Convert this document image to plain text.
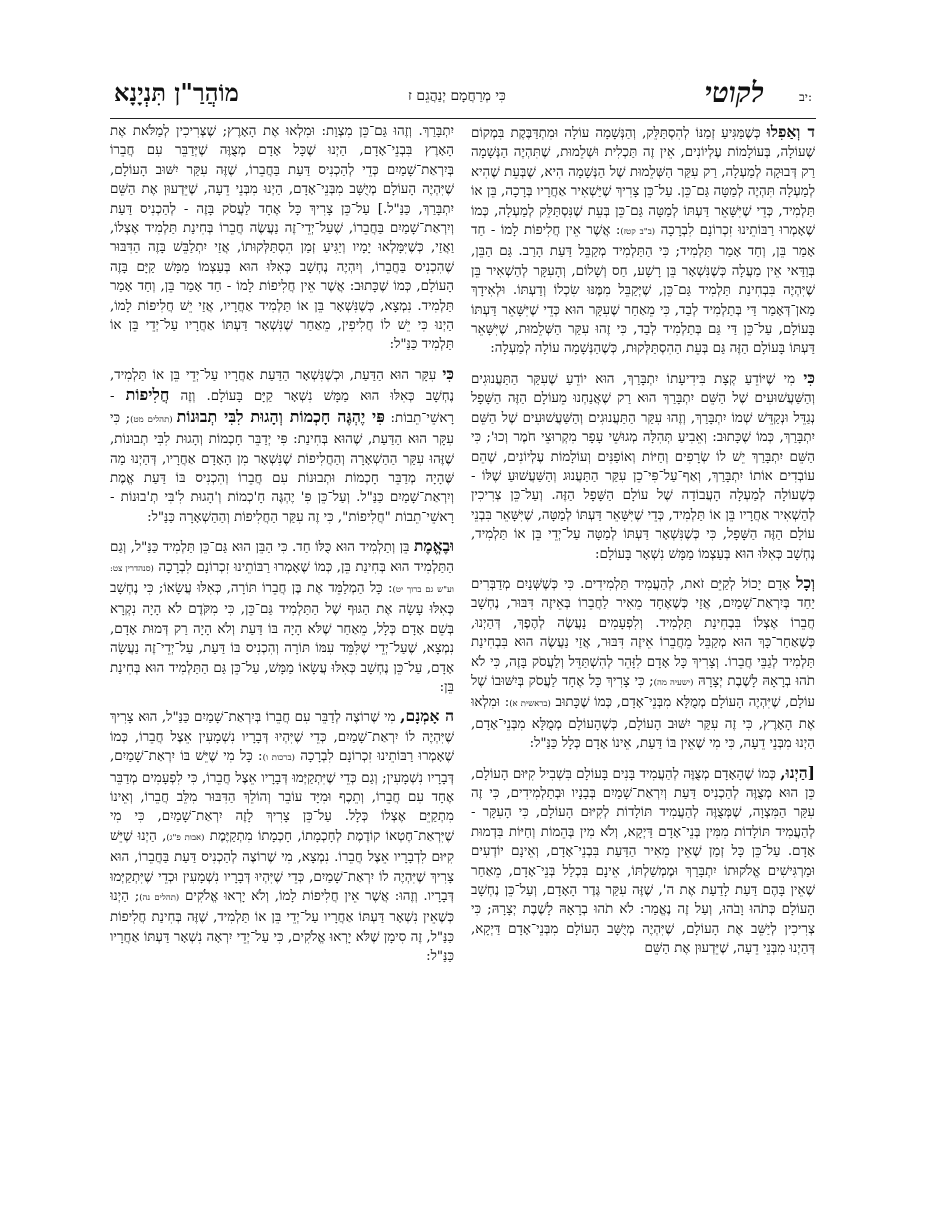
יב:
לקוטי
כִּי מְרַחֲמָם יְנַהֲגֵם ז
מוֹהֲרַ"ן תִּנְיָנָא

ד וְאַפִלוּ כְּשֶׁמַּגִּיעַ זְמַנּוֹ לְהִסְתַּלֵּק, וְהַנְּשָׁמָה עוֹלָה וּמִתְדַּבֶּקֶת בִּמְקוֹם שֶׁעוֹלָה, בְּעוֹלָמוֹת עֶלְיוֹנִים, אֵין זֶה תַּכְלִית וּשְׁלֵמוּת, שֶׁתִּהְיֶה הַנְּשָׁמָה רַק דְּבוּקָה לְמַעְלָה, רַק עִקַּר הַשְּׁלֵמוּת שֶׁל הַנְּשָׁמָה הִיא, שֶׁבְּעֵת שֶׁהִיא לְמַעְלָה תִּהְיֶה לְמַטָּה גַּם־כֵּן. עַל־כֵּן צָרִיךְ שֶׁיַּשְׁאִיר אַחֲרָיו בְּרָכָה, בֵּן אוֹ תַּלְמִיד, כְּדֵי שֶׁיִּשָּׁאֵר דַּעְתּוֹ לְמַטָּה גַּם־כֵּן בְּעֵת שֶׁנִּסְתַּלֵּק לְמַעְלָה, כְּמוֹ שֶׁאָמְרוּ רַבּוֹתֵינוּ זִכְרוֹנָם לִבְרָכָה (ב"ב קטז): אֲשֶׁר אֵין חֲלִיפוֹת לָמוֹ - חַד אָמַר בֵּן, וְחַד אָמַר תַּלְמִיד; כִּי הַתַּלְמִיד מְקַבֵּל דַּעַת הָרַב. גַּם הַבֵּן, בְּוַדַּאי אֵין מַעֲלָה כְּשֶׁנִּשְׁאָר בֵּן רָשָׁע, חַס וְשָׁלוֹם, וְהָעִקָּר לְהַשְׁאִיר בֵּן שֶׁיִּהְיֶה בִּבְחִינַת תַּלְמִיד גַּם־כֵּן, שֶׁיְּקַבֵּל מִמֶּנּוּ שִׂכְלוֹ וְדַעְתּוֹ. וּלְאִידָךְ מַאן־דְּאָמַר דַּי בְּתַלְמִיד לְבַד, כִּי מֵאַחַר שֶׁעִקָּר הוּא כְּדֵי שֶׁיִּשָּׁאֵר דַּעְתּוֹ בָּעוֹלָם, עַל־כֵּן דַּי גַּם בְּתַלְמִיד לְבַד, כִּי זֶהוּ עִקַּר הַשְּׁלֵמוּת, שֶׁיִּשָּׁאֵר דַּעְתּוֹ בָּעוֹלָם הַזֶּה גַּם בְּעֵת הַהִסְתַּלְּקוּת, כְּשֶׁהַנְּשָׁמָה עוֹלָה לְמַעְלָה:

כִּי מִי שֶׁיּוֹדֵעַ קְצָת בִּידִיעָתוֹ יִתְבָּרַךְ, הוּא יוֹדֵעַ שֶׁעִקַּר הַתַּעֲנוּגִים וְהַשַּׁעֲשׁוּעִים שֶׁל הַשֵּׁם יִתְבָּרַךְ הוּא רַק שֶׁאֲנַחְנוּ מֵעוֹלָם הַזֶּה הַשָּׁפָל נְגַדֵּל וּנְקַדֵּשׁ שְׁמוֹ יִתְבָּרַךְ, וְזֶהוּ עִקַּר הַתַּעֲנוּגִים וְהַשַּׁעֲשׁוּעִים שֶׁל הַשֵּׁם יִתְבָּרַךְ, כְּמוֹ שֶׁכָּתוּב: וְאֵבִיעַ תְּהִלָּה מְגוּשֵׁי עָפָר מִקְרוּצֵי חֹמֶר וְכוּ'; כִּי הַשֵּׁם יִתְבָּרַךְ יֵשׁ לוֹ שְׂרָפִים וְחַיּוֹת וְאוֹפַנִּים וְעוֹלָמוֹת עֶלְיוֹנִים, שֶׁהֵם עוֹבְדִים אוֹתוֹ יִתְבָּרַךְ, וְאַף־עַל־פִּי־כֵן עִקַּר הַתַּעֲנוּג וְהַשַּׁעֲשׁוּעַ שֶׁלּוֹ - כְּשֶׁעוֹלָה לְמַעְלָה הָעֲבוֹדָה שֶׁל עוֹלָם הַשָּׁפָל הַזֶּה. וְעַל־כֵּן צְרִיכִין לְהַשְׁאִיר אַחֲרָיו בֵּן אוֹ תַּלְמִיד, כְּדֵי שֶׁיִּשָּׁאֵר דַּעְתּוֹ לְמַטָּה, שֶׁיִּשָּׁאֵר בִּבְנֵי עוֹלָם הַזֶּה הַשָּׁפָל, כִּי כְּשֶׁנִּשְׁאָר דַּעְתּוֹ לְמַטָּה עַל־יְדֵי בֵּן אוֹ תַּלְמִיד, נֶחְשָׁב כְּאִלּוּ הוּא בְּעַצְמוֹ מַמָּשׁ נִשְׁאָר בָּעוֹלָם:

וְכָל אָדָם יָכוֹל לְקַיֵּם זֹאת, לְהַעֲמִיד תַּלְמִידִים. כִּי כְּשֶׁשְּׁנַיִם מְדַבְּרִים יַחַד בְּיִרְאַת־שָׁמַיִם, אֲזַי כְּשֶׁאֶחָד מֵאִיר לַחֲבֵרוֹ בְּאֵיזֶה דִּבּוּר, נֶחְשָׁב חֲבֵרוֹ אֶצְלוֹ בִּבְחִינַת תַּלְמִיד. וְלִפְעָמִים נַעֲשֶׂה לְהֶפֶךְ, דְּהַיְנוּ, כְּשֶׁאַחַר־כָּךְ הוּא מְקַבֵּל מֵחֲבֵרוֹ אֵיזֶה דִּבּוּר, אֲזַי נַעֲשֶׂה הוּא בִּבְחִינַת תַּלְמִיד לְגַבֵּי חֲבֵרוֹ. וְצָרִיךְ כָּל אָדָם לִזָּהֵר לְהִשְׁתַּדֵּל וְלַעֲסֹק בָּזֶה, כִּי לֹא תֹהוּ בְרָאָהּ לָשֶׁבֶת יְצָרָהּ (ישעיה מה); כִּי צָרִיךְ כָּל אֶחָד לַעֲסֹק בְּיִשּׁוּבוֹ שֶׁל עוֹלָם, שֶׁיִּהְיֶה הָעוֹלָם מְמֻלָּא מִבְּנֵי־אָדָם, כְּמוֹ שֶׁכָּתוּב (בראשית א): וּמִלְאוּ אֶת הָאָרֶץ, כִּי זֶה עִקַּר יִשּׁוּב הָעוֹלָם, כְּשֶׁהָעוֹלָם מְמֻלָּא מִבְּנֵי־אָדָם, הַיְנוּ מִבְּנֵי דֵעָה, כִּי מִי שֶׁאֵין בּוֹ דַּעַת, אֵינוֹ אָדָם כְּלָל כַּנַּ"ל:

[הַיְנוּ, כְּמוֹ שֶׁהָאָדָם מְצֻוֶּה לְהַעֲמִיד בָּנִים בָּעוֹלָם בִּשְׁבִיל קִיּוּם הָעוֹלָם, כֵּן הוּא מְצֻוֶּה לְהַכְנִיס דַּעַת וְיִרְאַת־שָׁמַיִם בְּבָנָיו וּבְתַלְמִידִים, כִּי זֶה עִקַּר הַמִּצְוָה, שֶׁמְּצֻוֶּה לְהַעֲמִיד תּוֹלָדוֹת לְקִיּוּם הָעוֹלָם, כִּי הָעִקָּר - לְהַעֲמִיד תּוֹלָדוֹת מִמִּין בְּנֵי־אָדָם דַּיְקָא, וְלֹא מִין בְּהֵמוֹת וְחַיּוֹת בִּדְמוּת אָדָם. עַל־כֵּן כָּל זְמַן שֶׁאֵין מֵאִיר הַדַּעַת בִּבְנֵי־אָדָם, וְאֵינָם יוֹדְעִים וּמַרְגִּישִׁים אֱלֹקוּתוֹ יִתְבָּרַךְ וּמֶמְשַׁלְתּוֹ, אֵינָם בִּכְלַל בְּנֵי־אָדָם, מֵאַחַר שֶׁאֵין בָּהֶם דַּעַת לָדַעַת אֶת ה', שֶׁזֶּה עִקַּר גֶּדֶר הָאָדָם, וְעַל־כֵּן נֶחְשָׁב הָעוֹלָם כְּתֹהוּ וָבֹהוּ, וְעַל זֶה נֶאֱמַר: לֹא תֹהוּ בְרָאָהּ לָשֶׁבֶת יְצָרָהּ; כִּי צְרִיכִין לְיַשֵּׁב אֶת הָעוֹלָם, שֶׁיִּהְיֶה מְיֻשָּׁב הָעוֹלָם מִבְּנֵי־אָדָם דַּיְקָא, דְּהַיְנוּ מִבְּנֵי דֵעָה, שֶׁיֵּדְעוּן אֶת הַשֵּׁם

יִתְבָּרַךְ. וְזֶהוּ גַּם־כֵּן מִצְוַת: וּמִלְאוּ אֶת הָאָרֶץ; שֶׁצְּרִיכִין לְמַלֹּאת אֶת הָאָרֶץ בִּבְנֵי־אָדָם, הַיְנוּ שֶׁכָּל אָדָם מְצֻוֶּה שֶׁיְּדַבֵּר עִם חֲבֵרוֹ בְּיִרְאַת־שָׁמַיִם כְּדֵי לְהַכְנִיס דַּעַת בַּחֲבֵרוֹ, שֶׁזֶּה עִקַּר יִשּׁוּב הָעוֹלָם, שֶׁיִּהְיֶה הָעוֹלָם מְיֻשָּׁב מִבְּנֵי־אָדָם, הַיְנוּ מִבְּנֵי דֵעָה, שֶׁיֵּדְעוּן אֶת הַשֵּׁם יִתְבָּרַךְ, כַּנַּ"ל.] עַל־כֵּן צָרִיךְ כָּל אֶחָד לַעֲסֹק בָּזֶה - לְהַכְנִיס דַּעַת וְיִרְאַת־שָׁמַיִם בַּחֲבֵרוֹ, שֶׁעַל־יְדֵי־זֶה נַעֲשֶׂה חֲבֵרוֹ בְּחִינַת תַּלְמִיד אֶצְלוֹ, וַאֲזַי, כְּשֶׁיִּמָּלְאוּ יָמָיו וְיַגִּיעַ זְמַן הִסְתַּלְּקוּתוֹ, אֲזַי יִתְלַבֵּשׁ בָּזֶה הַדִּבּוּר שֶׁהִכְנִיס בַּחֲבֵרוֹ, וְיִהְיֶה נֶחְשָׁב כְּאִלּוּ הוּא בְּעַצְמוֹ מַמָּשׁ קַיָּם בָּזֶה הָעוֹלָם, כְּמוֹ שֶׁכָּתוּב: אֲשֶׁר אֵין חֲלִיפוֹת לָמוֹ - חַד אָמַר בֵּן, וְחַד אָמַר תַּלְמִיד. נִמְצָא, כְּשֶׁנִּשְׁאָר בֵּן אוֹ תַּלְמִיד אַחֲרָיו, אֲזַי יֵשׁ חֲלִיפוֹת לָמוֹ, הַיְנוּ כִּי יֵשׁ לוֹ חֲלִיפִין, מֵאַחַר שֶׁנִּשְׁאָר דַּעְתּוֹ אַחֲרָיו עַל־יְדֵי בֵּן אוֹ תַּלְמִיד כַּנַּ"ל:

כִּי עִקָּר הוּא הַדַּעַת, וּכְשֶׁנִּשְׁאָר הַדַּעַת אַחֲרָיו עַל־יְדֵי בֵּן אוֹ תַּלְמִיד, נֶחְשָׁב כְּאִלּוּ הוּא מַמָּשׁ נִשְׁאָר קַיָּם בָּעוֹלָם. וְזֶה חֲלִיפוֹת - רָאשֵׁי־תֵבוֹת: פִּי יֶהְגֶּה חָכְמוֹת וְהָגוּת לִבִּי תְבוּנוֹת (תהלים מט); כִּי עִקָּר הוּא הַדַּעַת, שֶׁהוּא בְּחִינַת: פִּי יְדַבֵּר חָכְמוֹת וְהָגוּת לִבִּי תְבוּנוֹת, שֶׁזֶּהוּ עִקַּר הַהַשְׁאָרָה וְהַחֲלִיפוֹת שֶׁנִּשְׁאָר מִן הָאָדָם אַחֲרָיו, דְּהַיְנוּ מַה שֶּׁהָיָה מְדַבֵּר חָכְמוֹת וּתְבוּנוֹת עִם חֲבֵרוֹ וְהִכְנִיס בּוֹ דַּעַת אֱמֶת וְיִרְאַת־שָׁמַיִם כַּנַּ"ל. וְעַל־כֵּן פִּ' יֶהְגֶּה חָ'כְמוֹת וְ'הָגוּת לִ'בִּי תְ'בוּנוֹת - רָאשֵׁי־תֵבוֹת "חֲלִיפוֹת", כִּי זֶה עִקַּר הַחֲלִיפוֹת וְהַהַשְׁאָרָה כַּנַּ"ל:

וּבֶאֱמֶת בֵּן וְתַלְמִיד הוּא כֻּלּוֹ חַד. כִּי הַבֵּן הוּא גַּם־כֵּן תַּלְמִיד כַּנַּ"ל, וְגַם הַתַּלְמִיד הוּא בְּחִינַת בֵּן, כְּמוֹ שֶׁאָמְרוּ רַבּוֹתֵינוּ זִכְרוֹנָם לִבְרָכָה (סנהדרין צט: וע"ש גם ברוך יט): כָּל הַמְלַמֵּד אֶת בֶּן חֲבֵרוֹ תּוֹרָה, כְּאִלּוּ עֲשָׂאוֹ; כִּי נֶחְשָׁב כְּאִלּוּ עָשָׂה אֶת הַגּוּף שֶׁל הַתַּלְמִיד גַּם־כֵּן, כִּי מִקֹּדֶם לֹא הָיָה נִקְרָא בְּשֵׁם אָדָם כְּלָל, מֵאַחַר שֶׁלֹּא הָיָה בּוֹ דַּעַת וְלֹא הָיָה רַק דְּמוּת אָדָם, נִמְצָא, שֶׁעַל־יְדֵי שֶׁלִּמֵּד עִמּוֹ תּוֹרָה וְהִכְנִיס בּוֹ דַּעַת, עַל־יְדֵי־זֶה נַעֲשָׂה אָדָם, עַל־כֵּן נֶחְשָׁב כְּאִלּוּ עֲשָׂאוֹ מַמָּשׁ, עַל־כֵּן גַּם הַתַּלְמִיד הוּא בְּחִינַת בֵּן:

ה אָמְנָם, מִי שֶׁרוֹצֶה לְדַבֵּר עִם חֲבֵרוֹ בְּיִרְאַת־שָׁמַיִם כַּנַּ"ל, הוּא צָרִיךְ שֶׁיִּהְיֶה לוֹ יִרְאַת־שָׁמַיִם, כְּדֵי שֶׁיִּהְיוּ דְּבָרָיו נִשְׁמָעִין אֵצֶל חֲבֵרוֹ, כְּמוֹ שֶׁאָמְרוּ רַבּוֹתֵינוּ זִכְרוֹנָם לִבְרָכָה (ברכות ו): כָּל מִי שֶׁיֵּשׁ בּוֹ יִרְאַת־שָׁמַיִם, דְּבָרָיו נִשְׁמָעִין; וְגַם כְּדֵי שֶׁיִּתְקַיְּמוּ דְּבָרָיו אֵצֶל חֲבֵרוֹ, כִּי לִפְעָמִים מְדַבֵּר אֶחָד עִם חֲבֵרוֹ, וְתֵכֶף וּמִיָּד עוֹבֵר וְהוֹלֵךְ הַדִּבּוּר מִלֵּב חֲבֵרוֹ, וְאֵינוֹ מִתְקַיֵּם אֶצְלוֹ כְּלָל. עַל־כֵּן צָרִיךְ לָזֶה יִרְאַת־שָׁמַיִם, כִּי מִי שֶׁיִּרְאַת־חֶטְאוֹ קוֹדֶמֶת לְחָכְמָתוֹ, חָכְמָתוֹ מִתְקַיֶּמֶת (אבות פ"ג), הַיְנוּ שֶׁיֵּשׁ קִיּוּם לִדְבָרָיו אֵצֶל חֲבֵרוֹ. נִמְצָא, מִי שֶׁרוֹצֶה לְהַכְנִיס דַּעַת בַּחֲבֵרוֹ, הוּא צָרִיךְ שֶׁיִּהְיֶה לוֹ יִרְאַת־שָׁמַיִם, כְּדֵי שֶׁיִּהְיוּ דְּבָרָיו נִשְׁמָעִין וּכְדֵי שֶׁיִּתְקַיְּמוּ דְּבָרָיו. וְזֶהוּ: אֲשֶׁר אֵין חֲלִיפוֹת לָמוֹ, וְלֹא יָרְאוּ אֱלֹקִים (תהלים נה); הַיְנוּ כְּשֶׁאֵין נִשְׁאָר דַּעְתּוֹ אַחֲרָיו עַל־יְדֵי בֵּן אוֹ תַּלְמִיד, שֶׁזֶּה בְּחִינַת חֲלִיפוֹת כַּנַּ"ל, זֶה סִימָן שֶׁלֹּא יָרְאוּ אֱלֹקִים, כִּי עַל־יְדֵי יִרְאָה נִשְׁאָר דַּעְתּוֹ אַחֲרָיו כַּנַּ"ל:
